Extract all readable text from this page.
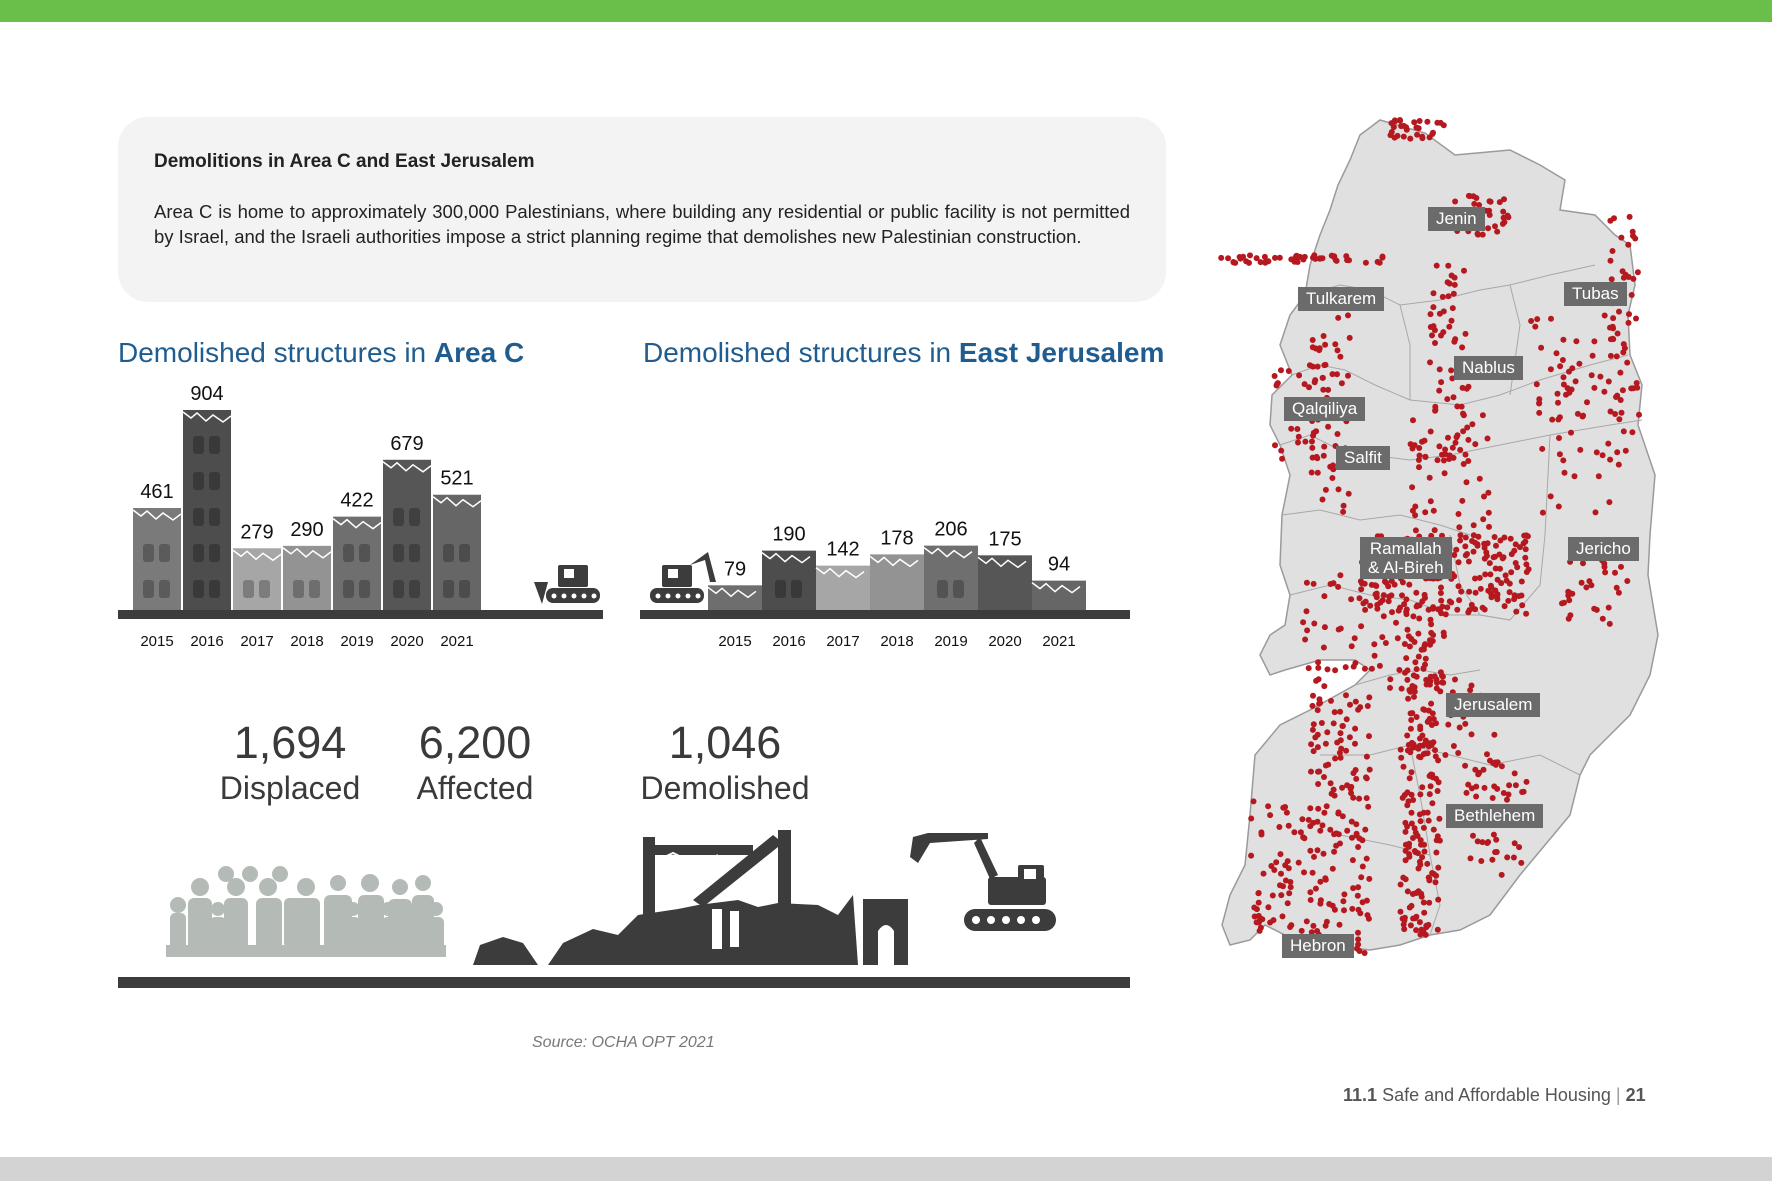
Demolitions in Area C and East Jerusalem

Area C is home to approximately 300,000 Palestinians, where building any residential or public facility is not permitted by Israel, and the Israeli authorities impose a strict planning regime that demolishes new Palestinian construction.

Demolished structures in Area C	Demolished structures in East Jerusalem
461
2015
904
2016
279
2017
290
2018
422
2019
679
2020
521
2021
79
2015
190
2016
142
2017
178
2018
206
2019
175
2020
94
2021
1,694
Displaced
6,200
Affected
1,046
Demolished
Source: OCHA OPT 2021
Jenin
Tulkarem	Tubas
Nablus
Qalqiliya
Salfit
Ramallah
& Al-Bireh
Jericho
Jerusalem
Bethlehem
Hebron
11.1 Safe and Affordable Housing | 21
